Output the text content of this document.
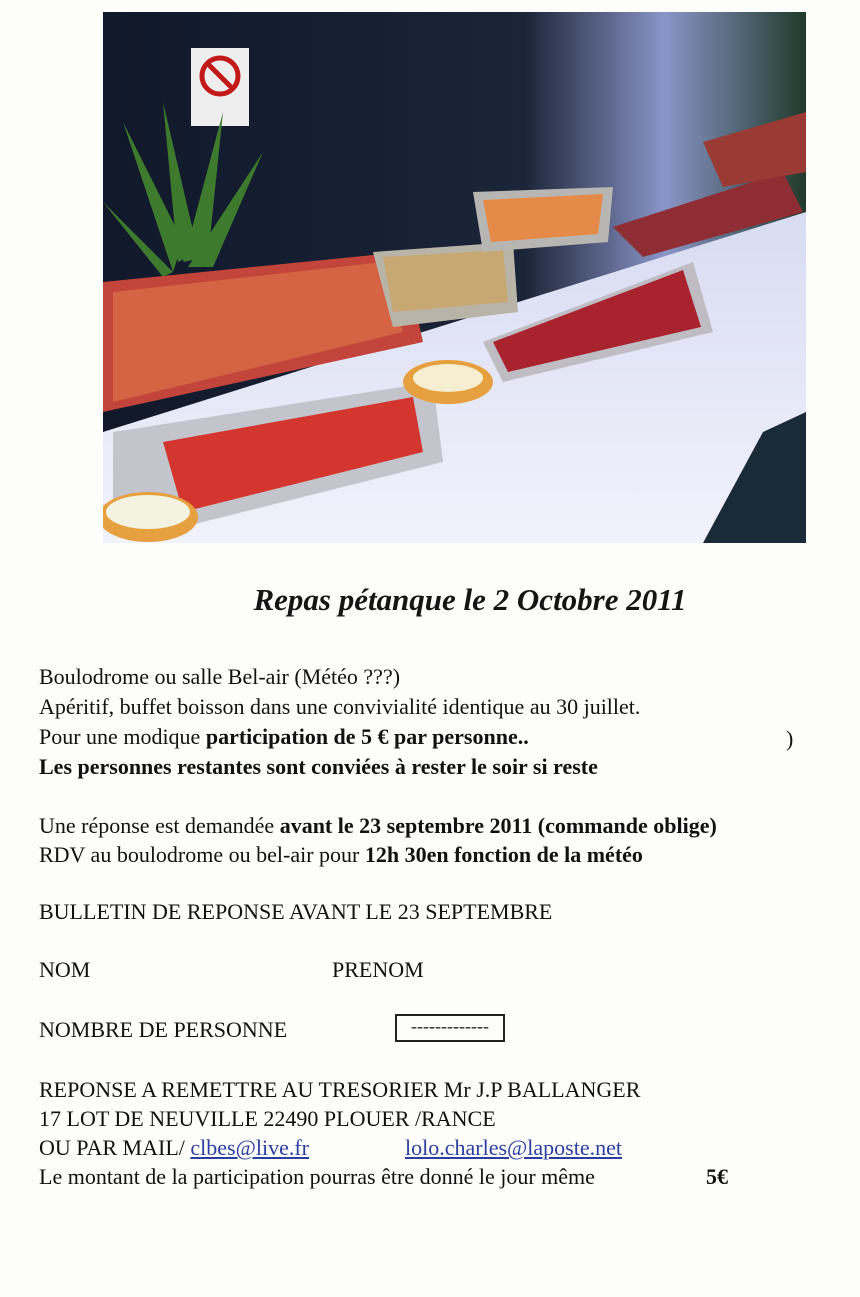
Repas pétanque le 2 Octobre 2011
Boulodrome ou salle Bel-air (Météo ???)
Apéritif, buffet boisson dans une convivialité identique au 30 juillet.
Pour une modique participation de 5 € par personne..	)
Les personnes restantes sont conviées à rester le soir si reste
Une réponse est demandée avant le 23 septembre 2011 (commande oblige)
RDV au boulodrome ou bel-air pour 12h 30en fonction de la météo
BULLETIN DE REPONSE AVANT LE 23 SEPTEMBRE
NOM	PRENOM
NOMBRE DE PERSONNE	-------------
REPONSE A REMETTRE AU TRESORIER Mr J.P BALLANGER
17 LOT DE NEUVILLE 22490 PLOUER /RANCE
OU PAR MAIL/ clbes@live.fr	lolo.charles@laposte.net
Le montant de la participation pourras être donné le jour même	5€
